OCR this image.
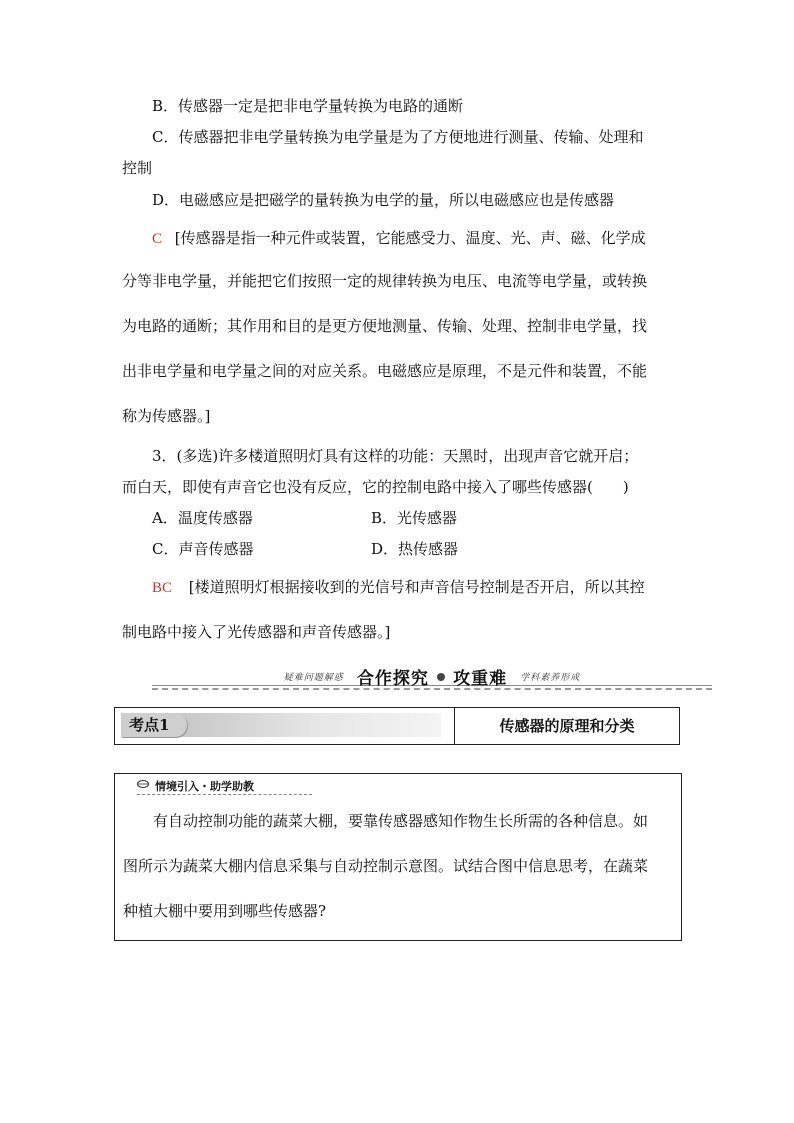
B．传感器一定是把非电学量转换为电路的通断
C．传感器把非电学量转换为电学量是为了方便地进行测量、传输、处理和
控制
D．电磁感应是把磁学的量转换为电学的量，所以电磁感应也是传感器
C [传感器是指一种元件或装置，它能感受力、温度、光、声、磁、化学成
分等非电学量，并能把它们按照一定的规律转换为电压、电流等电学量，或转换
为电路的通断；其作用和目的是更方便地测量、传输、处理、控制非电学量，找
出非电学量和电学量之间的对应关系。电磁感应是原理，不是元件和装置，不能
称为传感器。]
3．(多选)许多楼道照明灯具有这样的功能：天黑时，出现声音它就开启；
而白天，即使有声音它也没有反应，它的控制电路中接入了哪些传感器(　　)
A．温度传感器	B．光传感器
C．声音传感器	D．热传感器
BC [楼道照明灯根据接收到的光信号和声音信号控制是否开启，所以其控
制电路中接入了光传感器和声音传感器。]
疑难问题解惑 合作探究 攻重难 学科素养形成
考点1	传感器的原理和分类
情境引入・助学助教
有自动控制功能的蔬菜大棚，要靠传感器感知作物生长所需的各种信息。如
图所示为蔬菜大棚内信息采集与自动控制示意图。试结合图中信息思考，在蔬菜
种植大棚中要用到哪些传感器?
